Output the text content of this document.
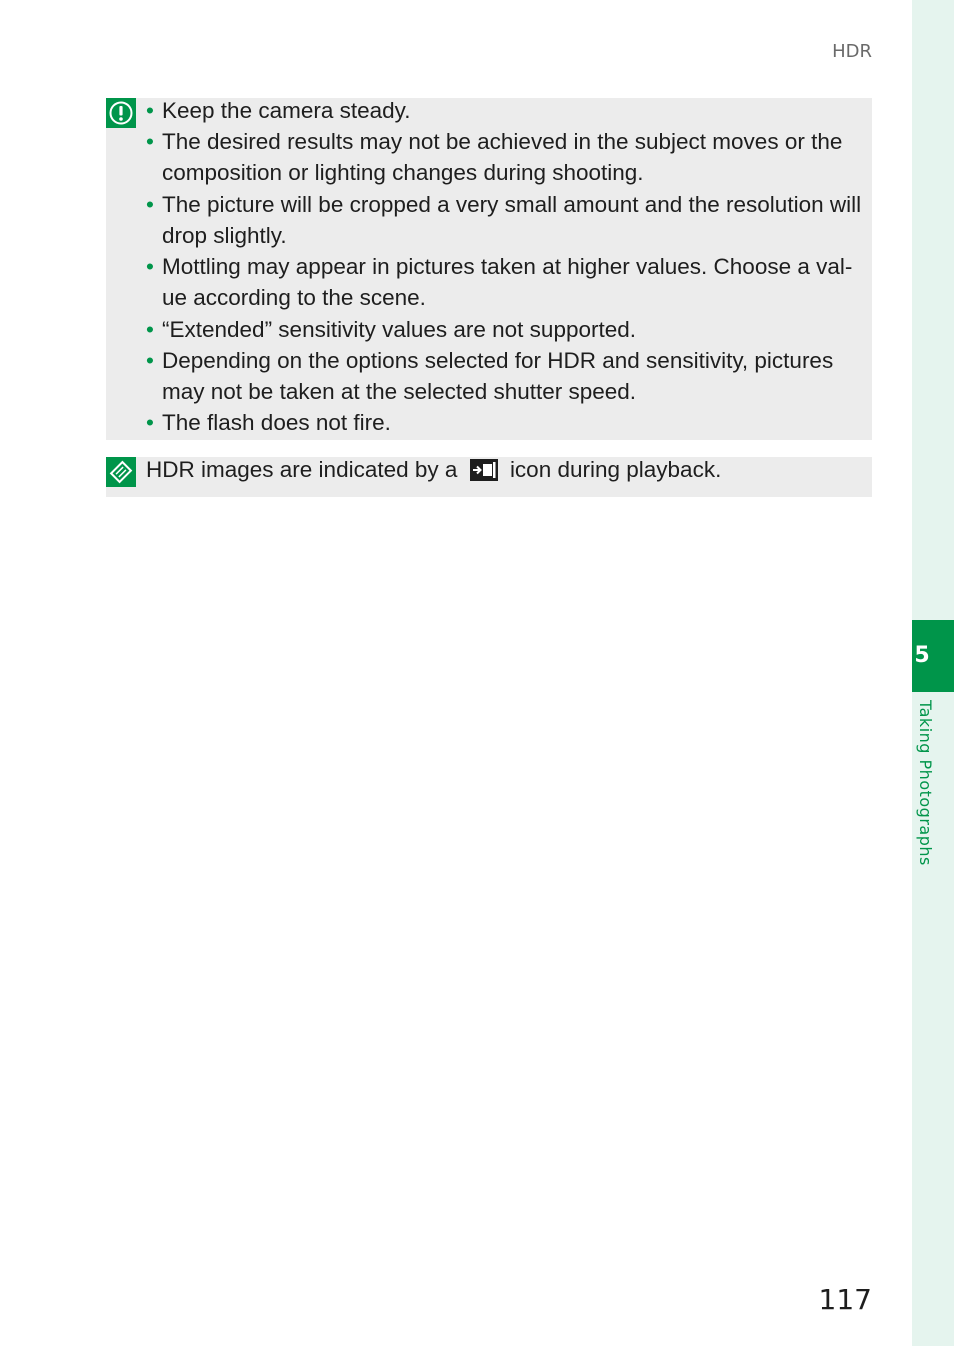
5
Taking Photographs
HDR
• Keep the camera steady.
• The desired results may not be achieved in the subject moves or the composition or lighting changes during shooting.
• The picture will be cropped a very small amount and the resolution will drop slightly.
• Mottling may appear in pictures taken at higher values. Choose a val-ue according to the scene.
• “Extended” sensitivity values are not supported.
• Depending on the options selected for HDR and sensitivity, pictures may not be taken at the selected shutter speed.
• The flash does not fire.
HDR images are indicated by a icon during playback.
117
